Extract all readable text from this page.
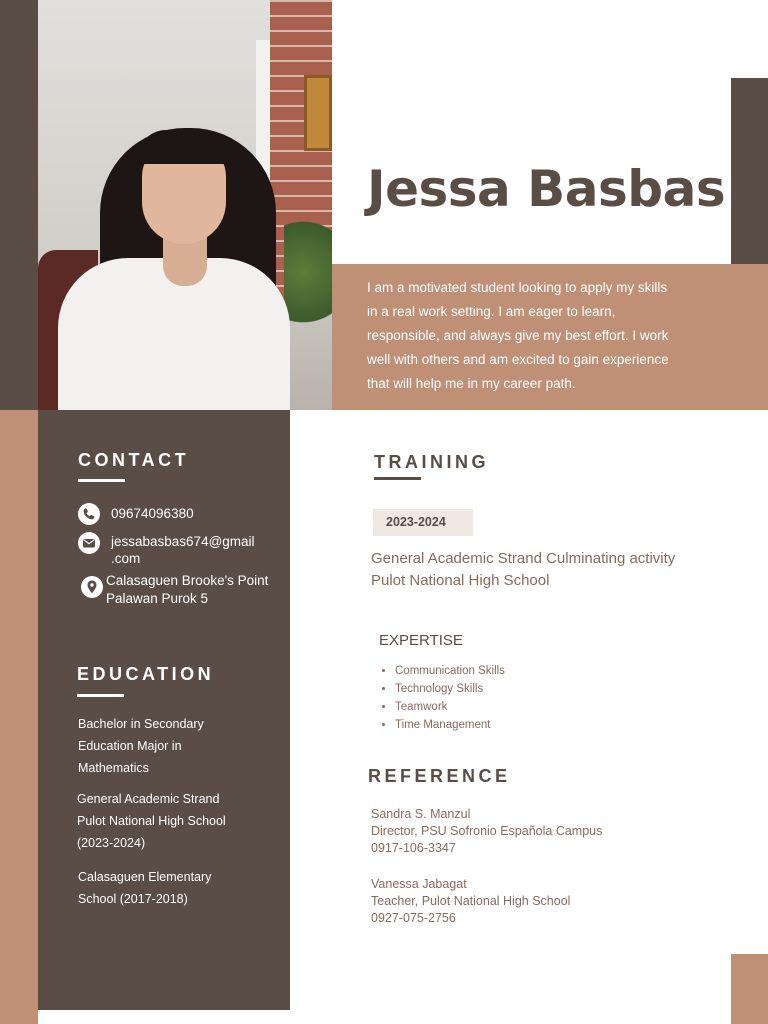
Jessa Basbas
I am a motivated student looking to apply my skills in a real work setting. I am eager to learn, responsible, and always give my best effort. I work well with others and am excited to gain experience that will help me in my career path.
CONTACT
09674096380
jessabasbas674@gmail
.com
Calasaguen Brooke's Point
Palawan Purok 5
EDUCATION
Bachelor in Secondary Education Major in Mathematics
General Academic Strand Pulot National High School (2023-2024)
Calasaguen Elementary School (2017-2018)
TRAINING
2023-2024
General Academic Strand Culminating activity
Pulot National High School
EXPERTISE
• Communication Skills
• Technology Skills
• Teamwork
• Time Management
REFERENCE
Sandra S. Manzul
Director, PSU Sofronio Española Campus
0917-106-3347
Vanessa Jabagat
Teacher, Pulot National High School
0927-075-2756
